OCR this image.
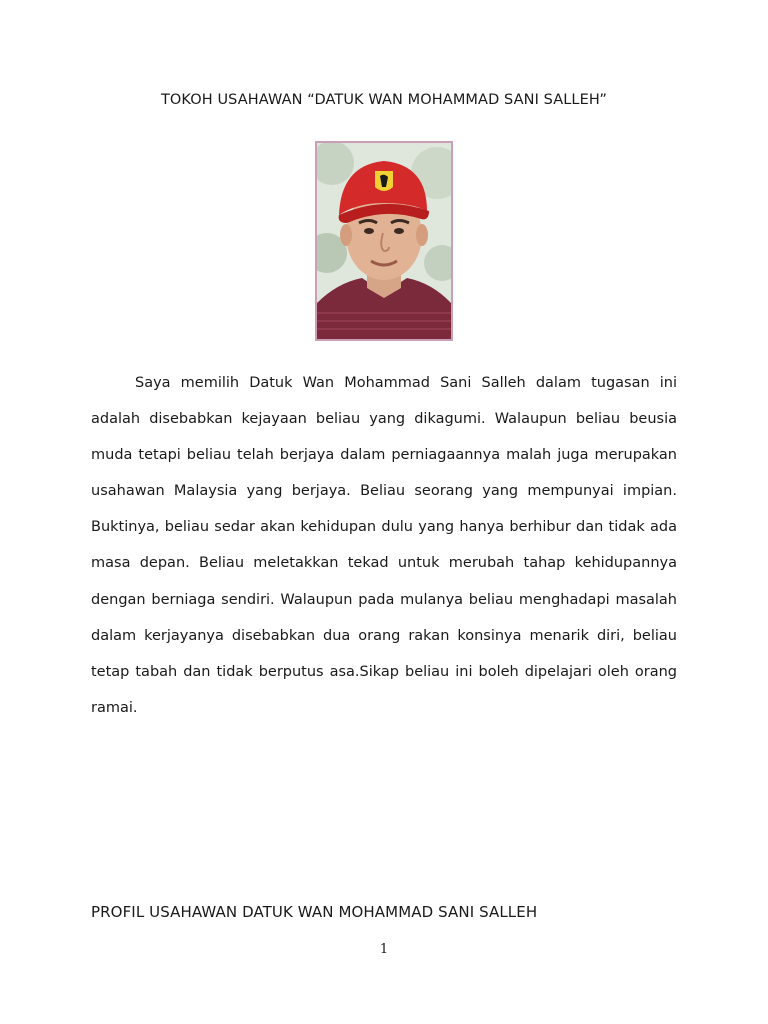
TOKOH USAHAWAN “DATUK WAN MOHAMMAD SANI SALLEH”

Saya memilih Datuk Wan Mohammad Sani Salleh dalam tugasan ini adalah disebabkan kejayaan beliau yang dikagumi. Walaupun beliau beusia muda tetapi beliau telah berjaya dalam perniagaannya malah juga merupakan usahawan Malaysia yang berjaya. Beliau seorang yang mempunyai impian. Buktinya, beliau sedar akan kehidupan dulu yang hanya berhibur dan tidak ada masa depan. Beliau meletakkan tekad untuk merubah tahap kehidupannya dengan berniaga sendiri. Walaupun pada mulanya beliau menghadapi masalah dalam kerjayanya disebabkan dua orang rakan konsinya menarik diri, beliau tetap tabah dan tidak berputus asa.Sikap beliau ini boleh dipelajari oleh orang ramai.

PROFIL USAHAWAN DATUK WAN MOHAMMAD SANI SALLEH
1
